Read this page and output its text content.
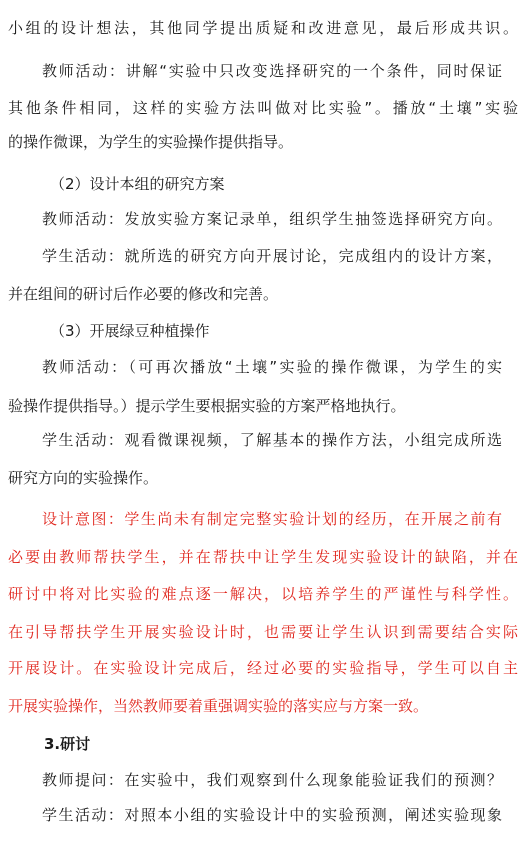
小组的设计想法，其他同学提出质疑和改进意见，最后形成共识。
教师活动：讲解“实验中只改变选择研究的一个条件，同时保证
其他条件相同，这样的实验方法叫做对比实验”。播放“土壤”实验
的操作微课，为学生的实验操作提供指导。
（2）设计本组的研究方案
教师活动：发放实验方案记录单，组织学生抽签选择研究方向。
学生活动：就所选的研究方向开展讨论，完成组内的设计方案，
并在组间的研讨后作必要的修改和完善。
（3）开展绿豆种植操作
教师活动：（可再次播放“土壤”实验的操作微课，为学生的实
验操作提供指导。）提示学生要根据实验的方案严格地执行。
学生活动：观看微课视频，了解基本的操作方法，小组完成所选
研究方向的实验操作。
设计意图：学生尚未有制定完整实验计划的经历，在开展之前有
必要由教师帮扶学生，并在帮扶中让学生发现实验设计的缺陷，并在
研讨中将对比实验的难点逐一解决，以培养学生的严谨性与科学性。
在引导帮扶学生开展实验设计时，也需要让学生认识到需要结合实际
开展设计。在实验设计完成后，经过必要的实验指导，学生可以自主
开展实验操作，当然教师要着重强调实验的落实应与方案一致。
3.研讨
教师提问：在实验中，我们观察到什么现象能验证我们的预测？
学生活动：对照本小组的实验设计中的实验预测，阐述实验现象
